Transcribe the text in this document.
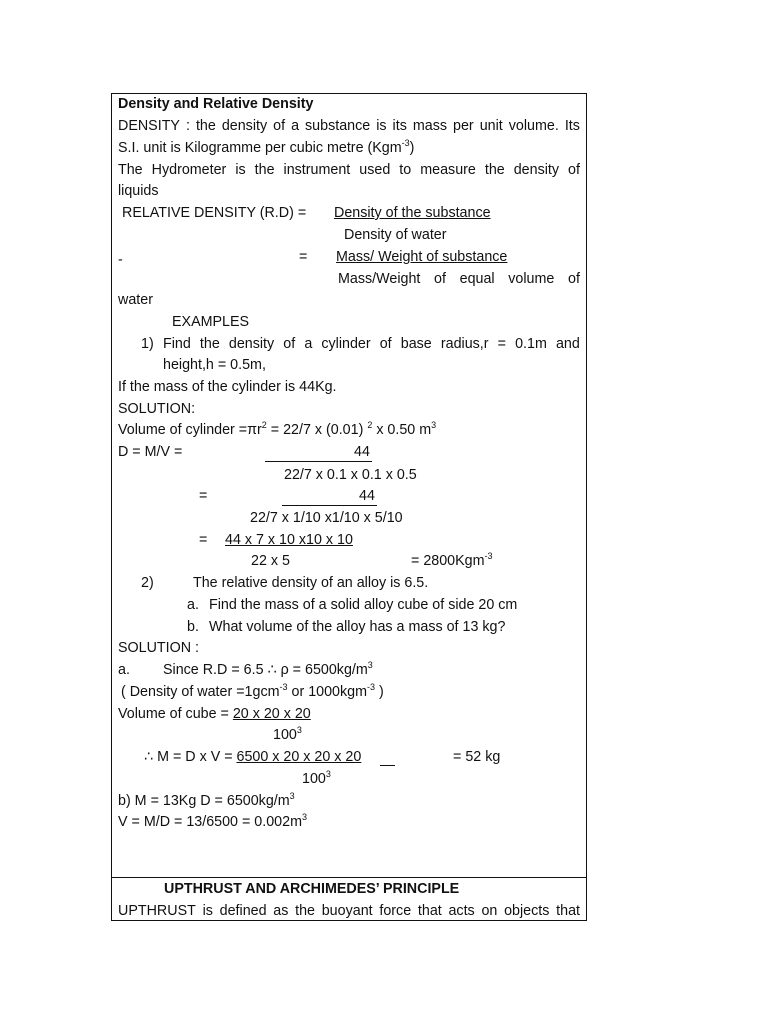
Density and Relative Density
DENSITY : the density of a substance is its mass per unit volume. Its
S.I. unit is Kilogramme per cubic metre (Kgm$^{-3}$)
The Hydrometer is the instrument used to measure the density of
liquids
RELATIVE DENSITY (R.D) = Density of the substance
Density of water
-	= Mass/ Weight of substance
Mass/Weight of equal volume of
water
EXAMPLES
1) Find the density of a cylinder of base radius,r = 0.1m and
height,h = 0.5m,
If the mass of the cylinder is 44Kg.
SOLUTION:
Volume of cylinder $=\pi r^2 = 22/7$ x (0.01) $^2$ x 0.50 $m^3$
D = M/V =	44
22/7 x 0.1 x 0.1 x 0.5
=	44
22/7 x 1/10 x1/10 x 5/10
= 44 x 7 x 10 x10 x 10
22 x 5	= 2800Kgm$^{-3}$
2)	The relative density of an alloy is 6.5.
a. Find the mass of a solid alloy cube of side 20 cm
b. What volume of the alloy has a mass of 13 kg?
SOLUTION :
a. Since R.D = 6.5 ∴ $\rho = 6500kg/m^3$
( Density of water =1gcm$^{-3}$ or 1000kgm$^{-3}$ )
Volume of cube = 20 x 20 x 20
$100^3$
∴ M = D x V = 6500 x 20 x 20 x 20	= 52 kg
$100^3$
b) M = 13Kg $D = 6500kg/m^3$
$V = M/D = 13/6500 = 0.002m^3$
UPTHRUST AND ARCHIMEDES’ PRINCIPLE
UPTHRUST is defined as the buoyant force that acts on objects that
